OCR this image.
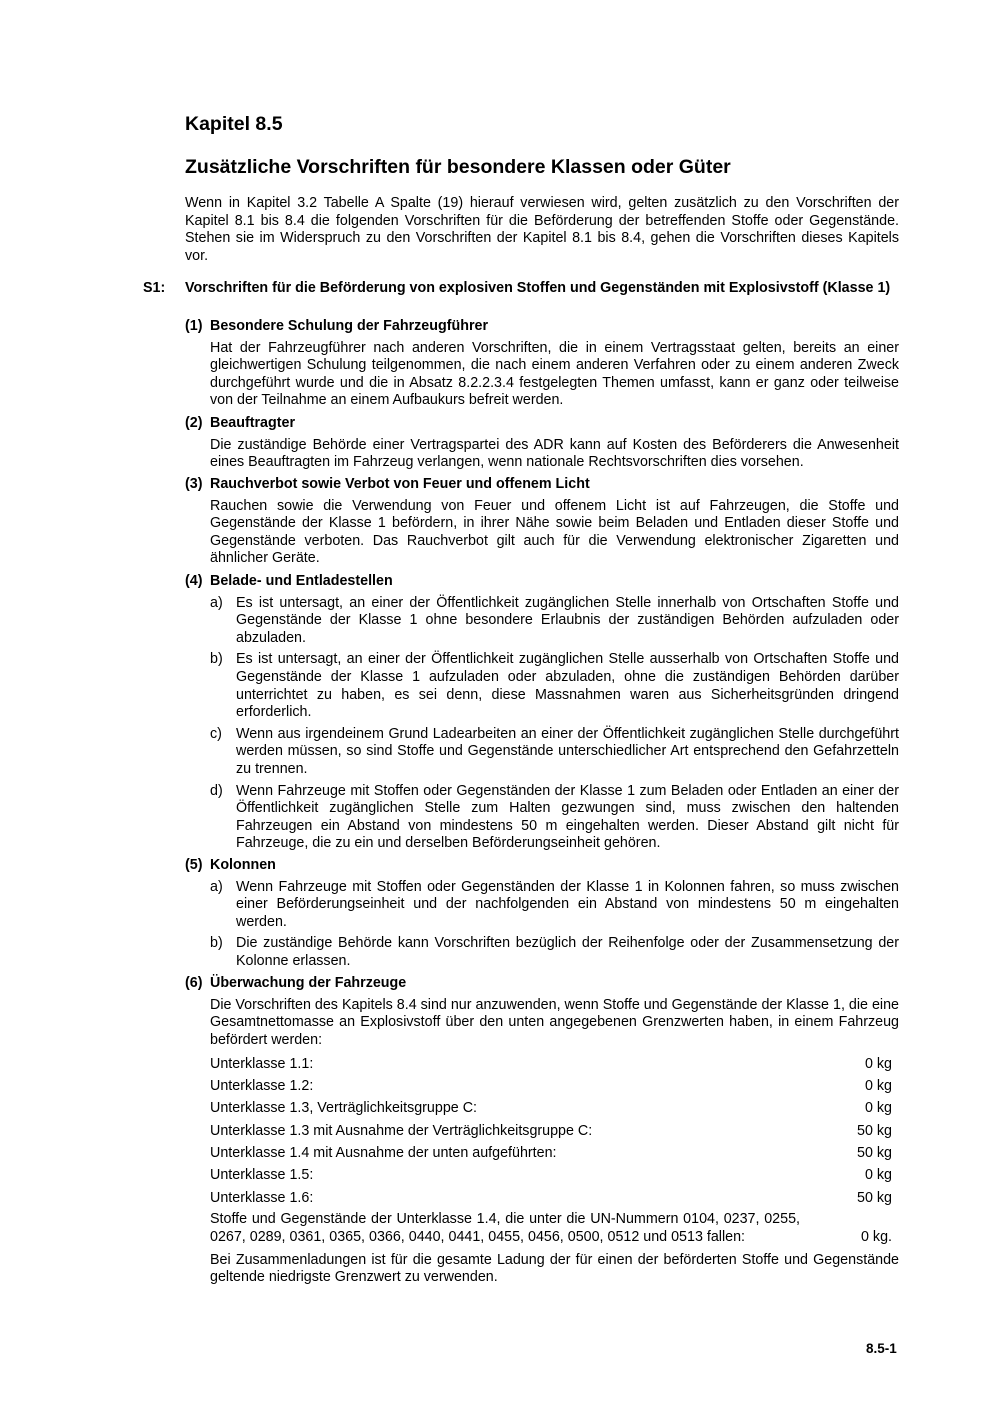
Kapitel 8.5
Zusätzliche Vorschriften für besondere Klassen oder Güter

Wenn in Kapitel 3.2 Tabelle A Spalte (19) hierauf verwiesen wird, gelten zusätzlich zu den Vorschriften der Kapitel 8.1 bis 8.4 die folgenden Vorschriften für die Beförderung der betreffenden Stoffe oder Gegenstände. Stehen sie im Widerspruch zu den Vorschriften der Kapitel 8.1 bis 8.4, gehen die Vorschriften dieses Kapitels vor.

S1: Vorschriften für die Beförderung von explosiven Stoffen und Gegenständen mit Explosivstoff (Klasse 1)
(1) Besondere Schulung der Fahrzeugführer
Hat der Fahrzeugführer nach anderen Vorschriften, die in einem Vertragsstaat gelten, bereits an einer gleichwertigen Schulung teilgenommen, die nach einem anderen Verfahren oder zu einem anderen Zweck durchgeführt wurde und die in Absatz 8.2.2.3.4 festgelegten Themen umfasst, kann er ganz oder teilweise von der Teilnahme an einem Aufbaukurs befreit werden.
(2) Beauftragter
Die zuständige Behörde einer Vertragspartei des ADR kann auf Kosten des Beförderers die Anwesenheit eines Beauftragten im Fahrzeug verlangen, wenn nationale Rechtsvorschriften dies vorsehen.
(3) Rauchverbot sowie Verbot von Feuer und offenem Licht
Rauchen sowie die Verwendung von Feuer und offenem Licht ist auf Fahrzeugen, die Stoffe und Gegenstände der Klasse 1 befördern, in ihrer Nähe sowie beim Beladen und Entladen dieser Stoffe und Gegenstände verboten. Das Rauchverbot gilt auch für die Verwendung elektronischer Zigaretten und ähnlicher Geräte.
(4) Belade- und Entladestellen
a) Es ist untersagt, an einer der Öffentlichkeit zugänglichen Stelle innerhalb von Ortschaften Stoffe und Gegenstände der Klasse 1 ohne besondere Erlaubnis der zuständigen Behörden aufzuladen oder abzuladen.
b) Es ist untersagt, an einer der Öffentlichkeit zugänglichen Stelle ausserhalb von Ortschaften Stoffe und Gegenstände der Klasse 1 aufzuladen oder abzuladen, ohne die zuständigen Behörden darüber unterrichtet zu haben, es sei denn, diese Massnahmen waren aus Sicherheitsgründen dringend erforderlich.
c) Wenn aus irgendeinem Grund Ladearbeiten an einer der Öffentlichkeit zugänglichen Stelle durchgeführt werden müssen, so sind Stoffe und Gegenstände unterschiedlicher Art entsprechend den Gefahrzetteln zu trennen.
d) Wenn Fahrzeuge mit Stoffen oder Gegenständen der Klasse 1 zum Beladen oder Entladen an einer der Öffentlichkeit zugänglichen Stelle zum Halten gezwungen sind, muss zwischen den haltenden Fahrzeugen ein Abstand von mindestens 50 m eingehalten werden. Dieser Abstand gilt nicht für Fahrzeuge, die zu ein und derselben Beförderungseinheit gehören.
(5) Kolonnen
a) Wenn Fahrzeuge mit Stoffen oder Gegenständen der Klasse 1 in Kolonnen fahren, so muss zwischen einer Beförderungseinheit und der nachfolgenden ein Abstand von mindestens 50 m eingehalten werden.
b) Die zuständige Behörde kann Vorschriften bezüglich der Reihenfolge oder der Zusammensetzung der Kolonne erlassen.
(6) Überwachung der Fahrzeuge
Die Vorschriften des Kapitels 8.4 sind nur anzuwenden, wenn Stoffe und Gegenstände der Klasse 1, die eine Gesamtnettomasse an Explosivstoff über den unten angegebenen Grenzwerten haben, in einem Fahrzeug befördert werden:
Unterklasse 1.1:	0 kg
Unterklasse 1.2:	0 kg
Unterklasse 1.3, Verträglichkeitsgruppe C:	0 kg
Unterklasse 1.3 mit Ausnahme der Verträglichkeitsgruppe C:	50 kg
Unterklasse 1.4 mit Ausnahme der unten aufgeführten:	50 kg
Unterklasse 1.5:	0 kg
Unterklasse 1.6:	50 kg
Stoffe und Gegenstände der Unterklasse 1.4, die unter die UN-Nummern 0104, 0237, 0255, 0267, 0289, 0361, 0365, 0366, 0440, 0441, 0455, 0456, 0500, 0512 und 0513 fallen:	0 kg.
Bei Zusammenladungen ist für die gesamte Ladung der für einen der beförderten Stoffe und Gegenstände geltende niedrigste Grenzwert zu verwenden.
8.5-1
